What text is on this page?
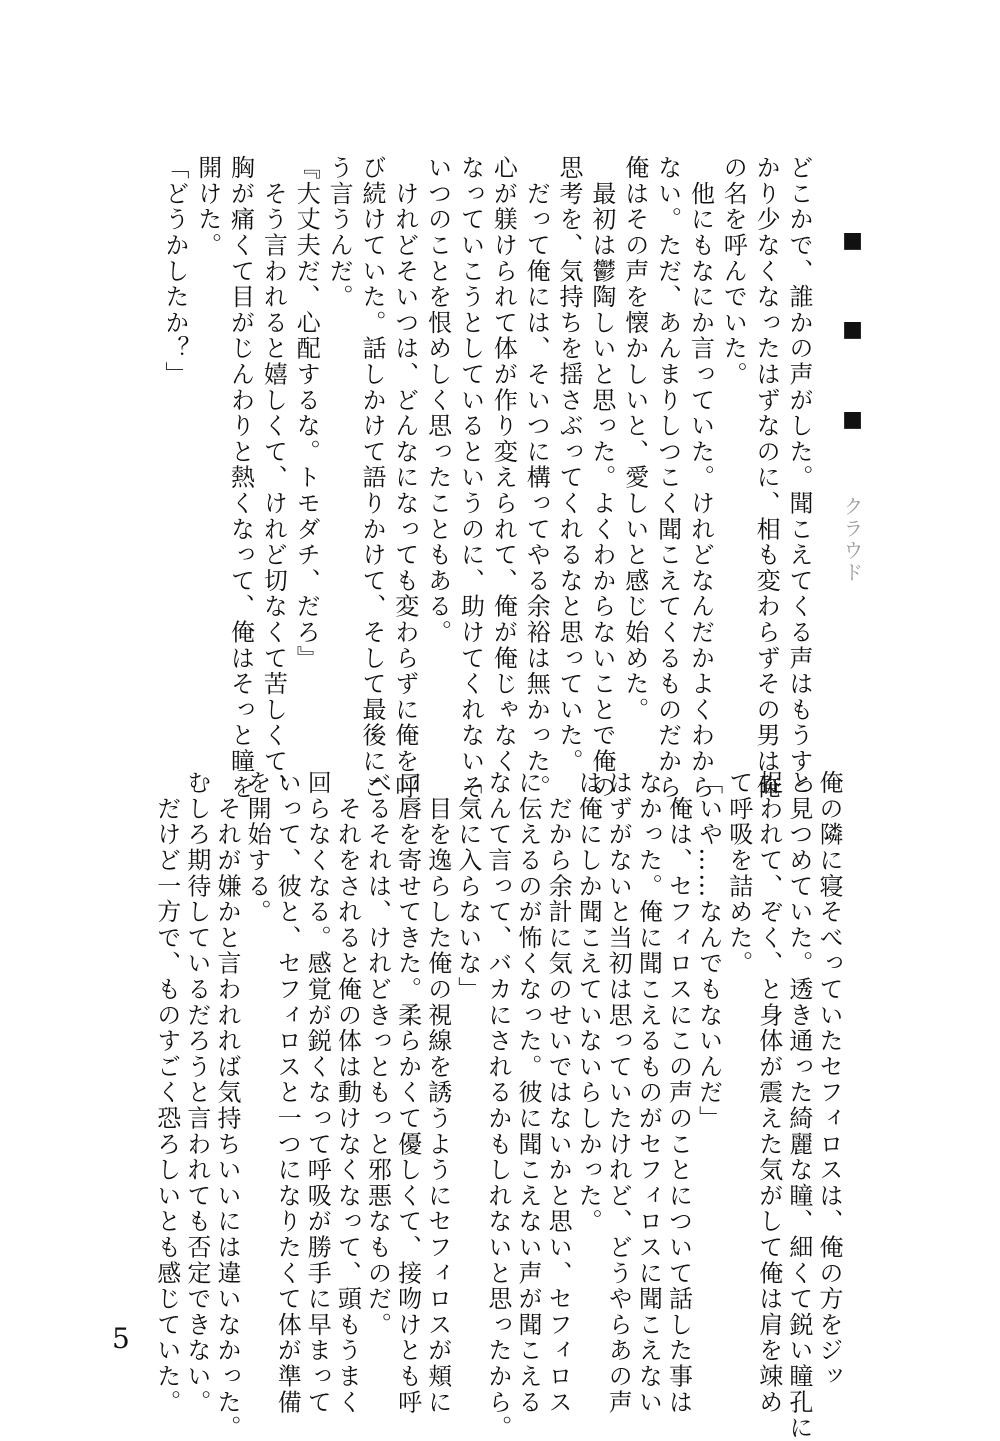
■ ■ ■ クラウド

どこかで、誰かの声がした。聞こえてくる声はもうすっ

かり少なくなったはずなのに、相も変わらずその男は俺

の名を呼んでいた。

　他にもなにか言っていた。けれどなんだかよくわから

ない。ただ、あんまりしつこく聞こえてくるものだから、

俺はその声を懐かしいと、愛しいと感じ始めた。

　最初は鬱陶しいと思った。よくわからないことで俺の

思考を、気持ちを揺さぶってくれるなと思っていた。

　だって俺には、そいつに構ってやる余裕は無かった。

心が躾けられて体が作り変えられて、俺が俺じゃなく

なっていこうとしているというのに、助けてくれないそ

いつのことを恨めしく思ったこともある。

　けれどそいつは、どんなになっても変わらずに俺を呼

び続けていた。話しかけて語りかけて、そして最後にこ

う言うんだ。

『大丈夫だ、心配するな。トモダチ、だろ』

　そう言われると嬉しくて、けれど切なくて苦しくて、

胸が痛くて目がじんわりと熱くなって、俺はそっと瞳を

開けた。

「どうかしたか？」

俺の隣に寝そべっていたセフィロスは、俺の方をジッ

と見つめていた。透き通った綺麗な瞳、細くて鋭い瞳孔に

捉われて、ぞく、と身体が震えた気がして俺は肩を竦め

て呼吸を詰めた。

「いや……なんでもないんだ」

　俺は、セフィロスにこの声のことについて話した事は

なかった。俺に聞こえるものがセフィロスに聞こえない

はずがないと当初は思っていたけれど、どうやらあの声

は俺にしか聞こえていないらしかった。

　だから余計に気のせいではないかと思い、セフィロス

に伝えるのが怖くなった。彼に聞こえない声が聞こえる

なんて言って、バカにされるかもしれないと思ったから。

「気に入らないな」

　目を逸らした俺の視線を誘うようにセフィロスが頬に

口唇を寄せてきた。柔らかくて優しくて、接吻けとも呼

べるそれは、けれどきっともっと邪悪なものだ。

　それをされると俺の体は動けなくなって、頭もうまく

回らなくなる。感覚が鋭くなって呼吸が勝手に早まって

いって、彼と、セフィロスと一つになりたくて体が準備

を開始する。

　それが嫌かと言われれば気持ちいいには違いなかった。

むしろ期待しているだろうと言われても否定できない。

　だけど一方で、ものすごく恐ろしいとも感じていた。

5
